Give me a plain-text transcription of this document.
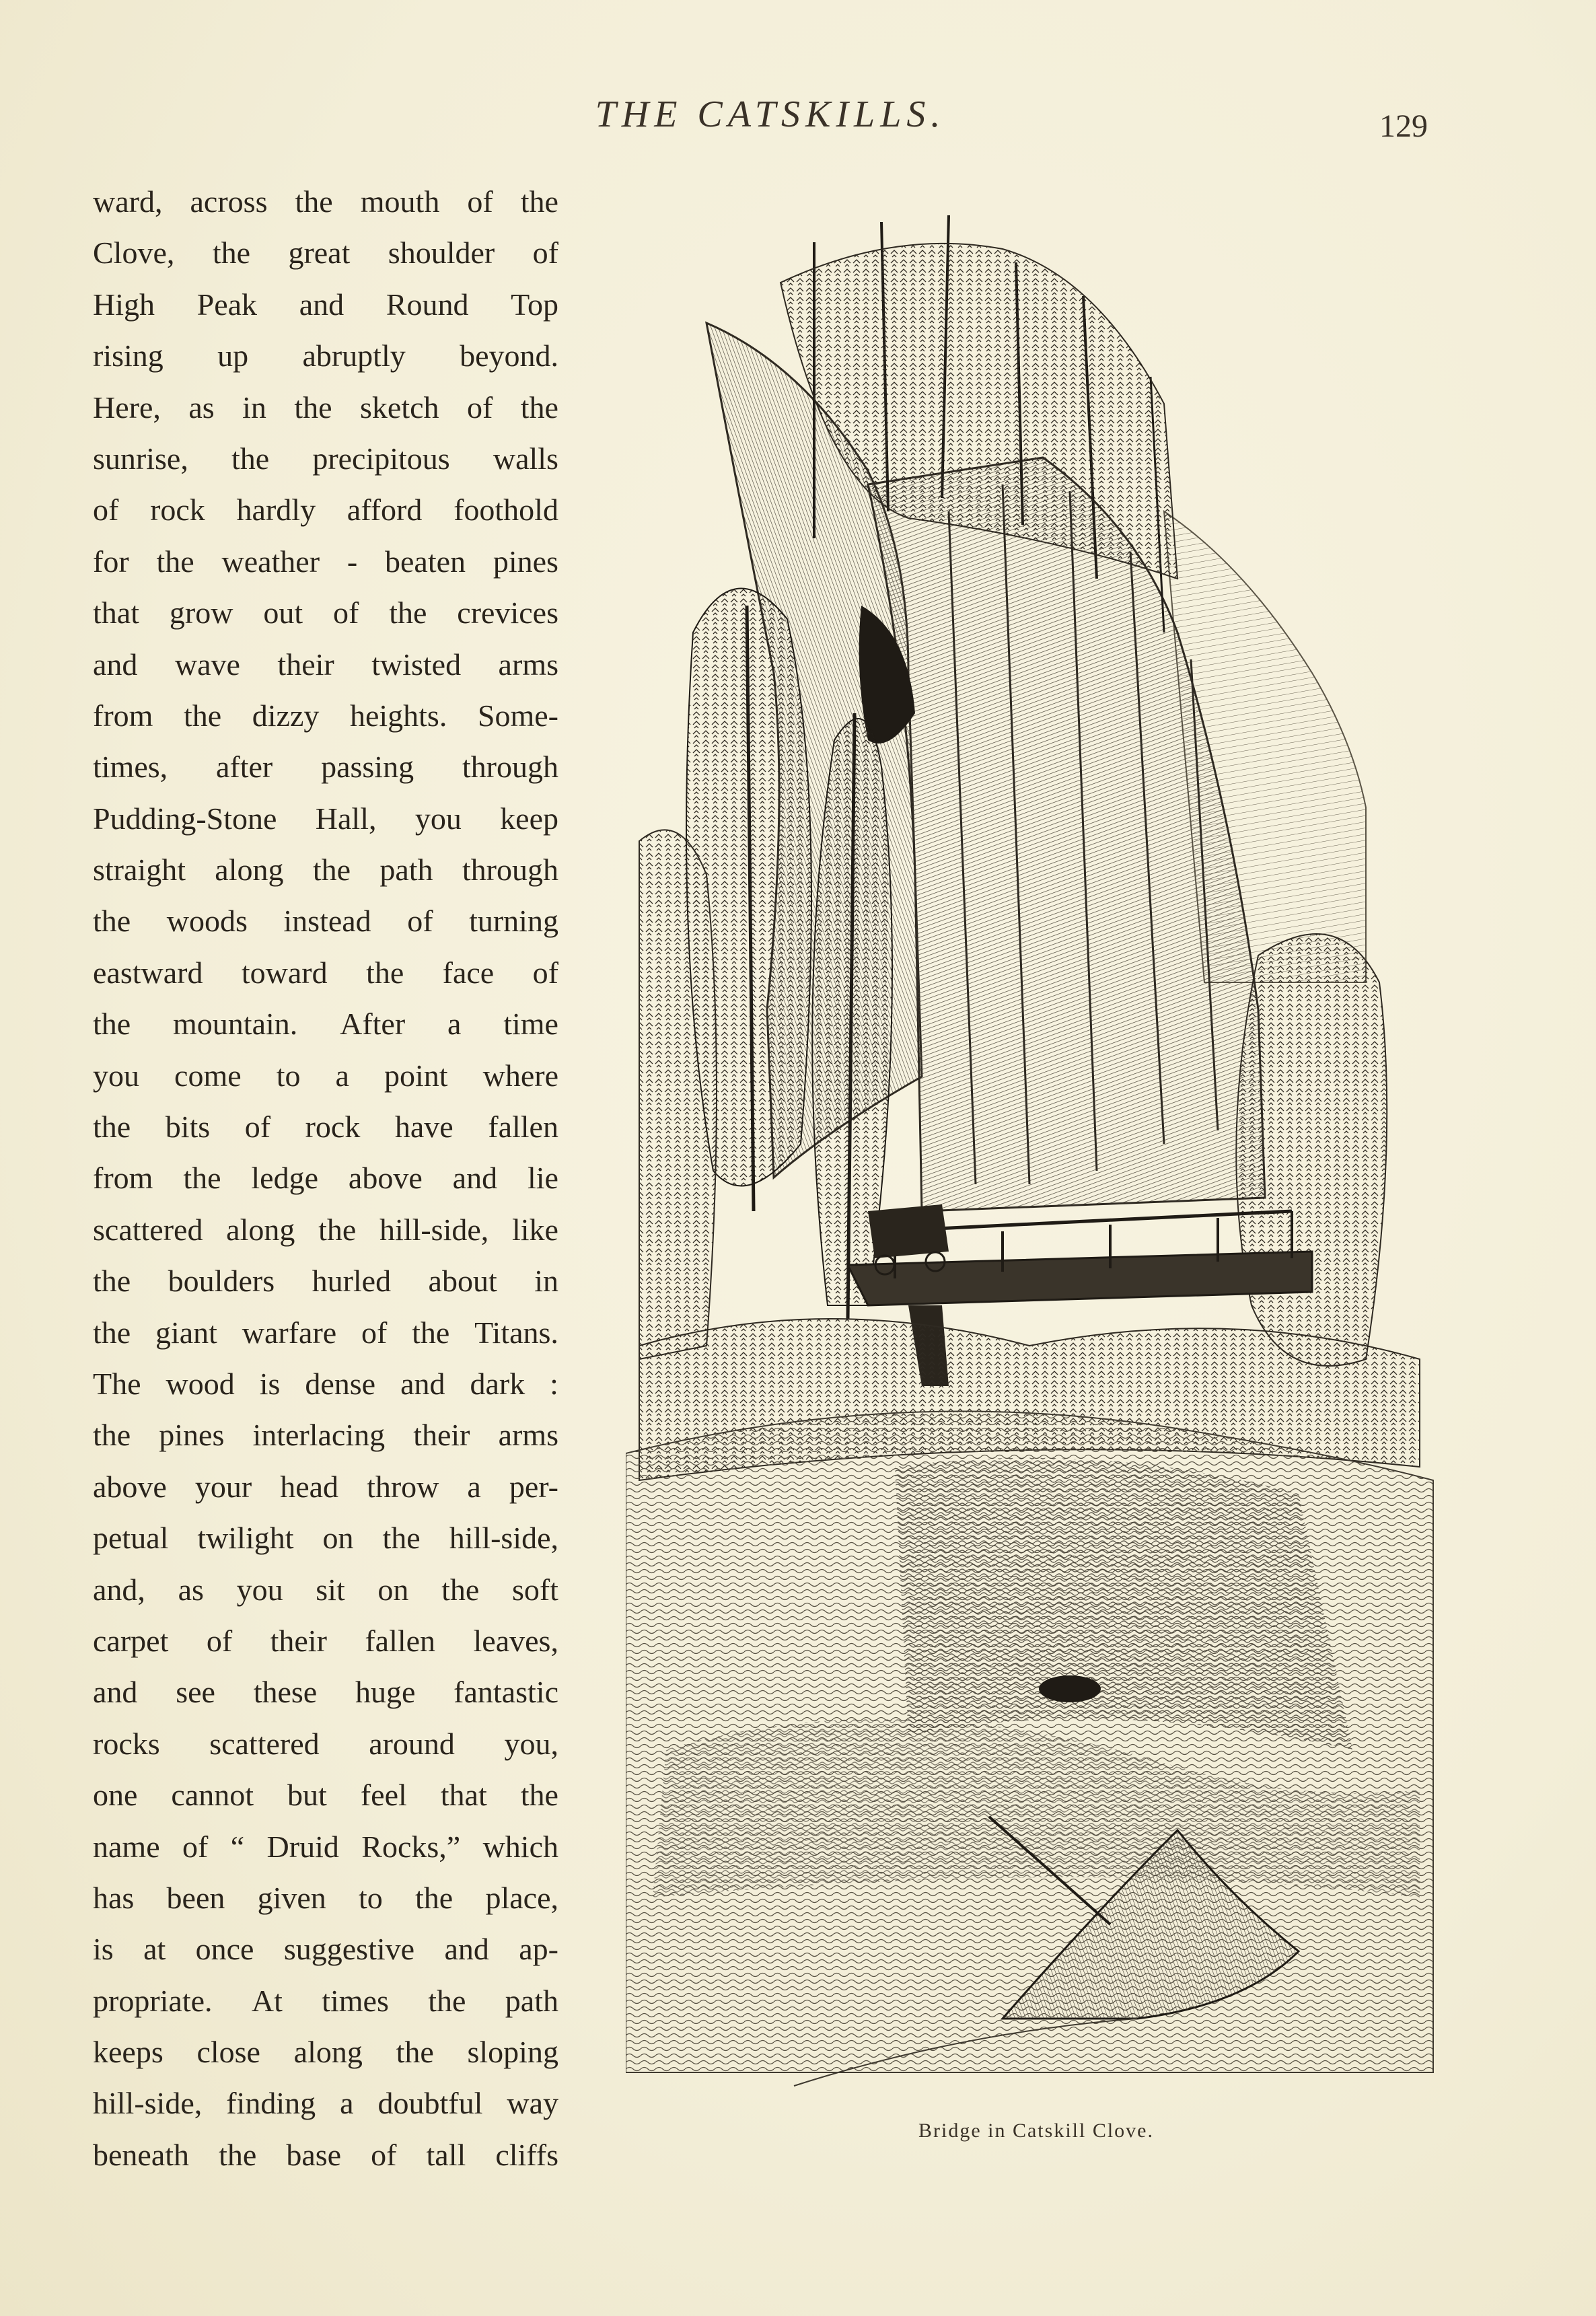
THE CATSKILLS.	129
ward, across the mouth of the
Clove, the great shoulder of
High Peak and Round Top
rising up abruptly beyond.
Here, as in the sketch of the
sunrise, the precipitous walls
of rock hardly afford foothold
for the weather - beaten pines
that grow out of the crevices
and wave their twisted arms
from the dizzy heights. Some-
times, after passing through
Pudding-Stone Hall, you keep
straight along the path through
the woods instead of turning
eastward toward the face of
the mountain. After a time
you come to a point where
the bits of rock have fallen
from the ledge above and lie
scattered along the hill-side, like
the boulders hurled about in
the giant warfare of the Titans.
The wood is dense and dark :
the pines interlacing their arms
above your head throw a per-
petual twilight on the hill-side,
and, as you sit on the soft
carpet of their fallen leaves,
and see these huge fantastic
rocks scattered around you,
one cannot but feel that the
name of “ Druid Rocks,” which
has been given to the place,
is at once suggestive and ap-
propriate. At times the path
keeps close along the sloping
hill-side, finding a doubtful way
beneath the base of tall cliffs
Bridge in Catskill Clove.
